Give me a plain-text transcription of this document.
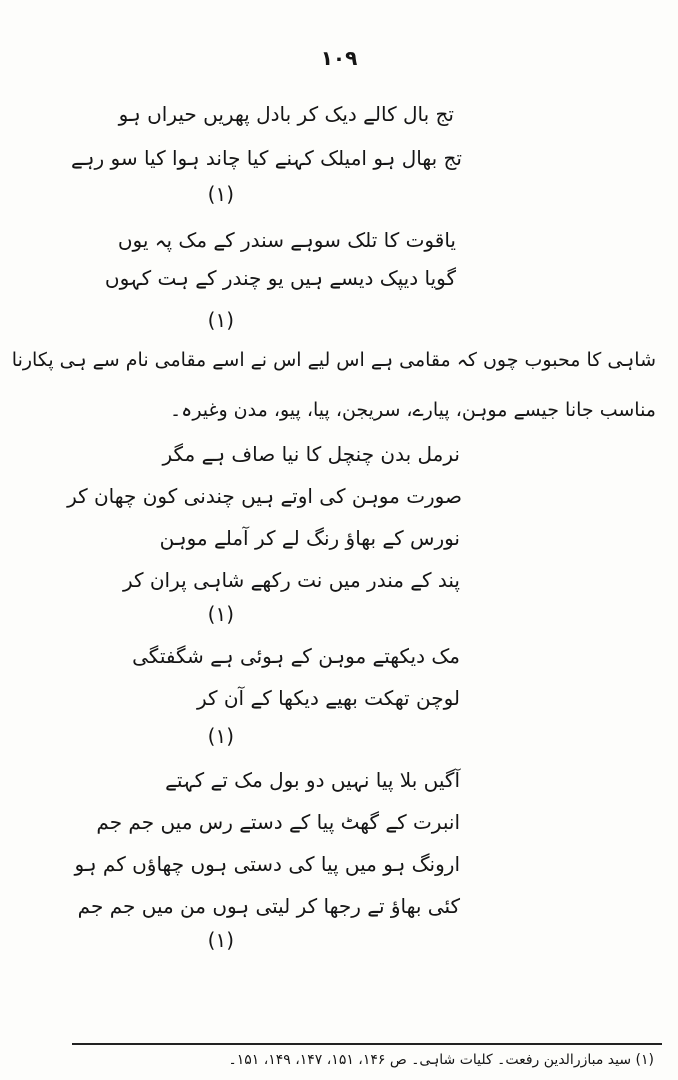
۱۰۹
تج بال کالے دیک کر بادل پھریں حیراں ہو
تج بھال ہو امیلک کہنے کیا چاند ہوا کیا سو رہے
(۱)
یاقوت کا تلک سوہے سندر کے مک پہ یوں
گویا دیپک دیسے ہیں یو چندر کے ہت کہوں
(۱)
شاہی کا محبوب چوں کہ مقامی ہے اس لیے اس نے اسے مقامی نام سے ہی پکارنا
مناسب جانا جیسے موہن، پیارے، سریجن، پیا، پیو، مدن وغیرہ۔
نرمل بدن چنچل کا نیا صاف ہے مگر
صورت موہن کی اوتے ہیں چندنی کون چھان کر
نورس کے بھاؤ رنگ لے کر آملے موہن
پند کے مندر میں نت رکھے شاہی پران کر
(۱)
مک دیکھتے موہن کے ہوئی ہے شگفتگی
لوچن تھکت بھیے دیکھا کے آن کر
(۱)
آگیں بلا پیا نہیں دو بول مک تے کہتے
انبرت کے گھٹ پیا کے دستے رس میں جم جم
ارونگ ہو میں پیا کی دستی ہوں چھاؤں کم ہو
کئی بھاؤ تے رجھا کر لیتی ہوں من میں جم جم
(۱)
(۱) سید مبازرالدین رفعت۔ کلیات شاہی۔ ص ۱۴۶، ۱۵۱، ۱۴۷، ۱۴۹، ۱۵۱۔
